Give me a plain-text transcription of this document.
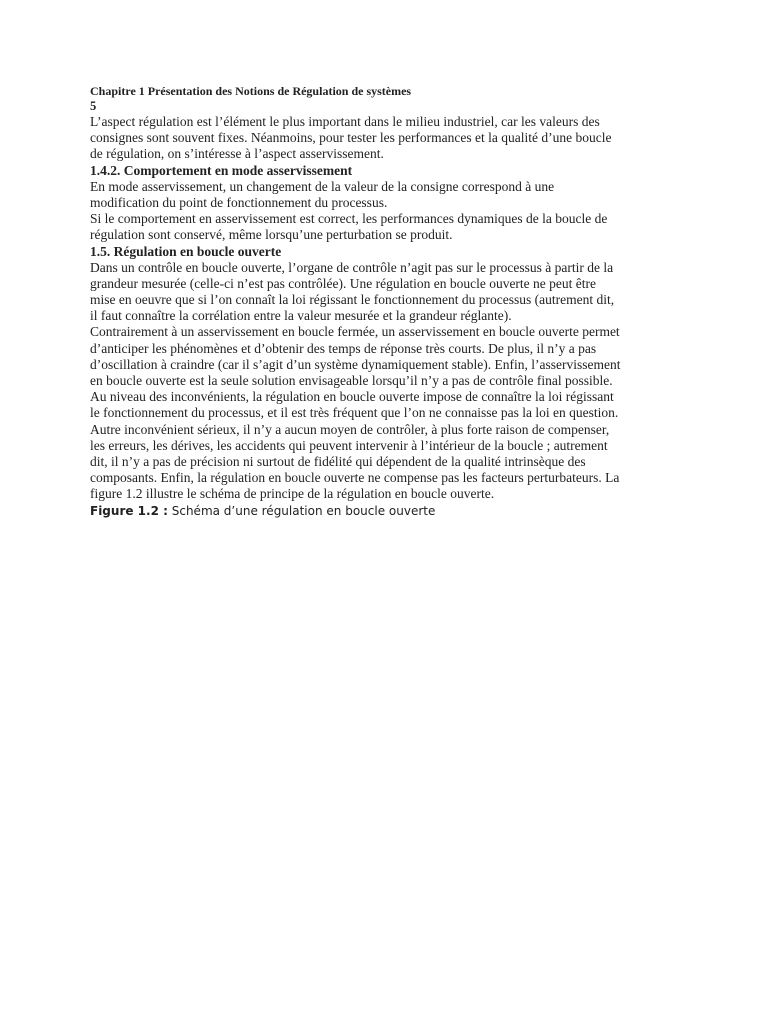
Chapitre 1 Présentation des Notions de Régulation de systèmes
5
L’aspect régulation est l’élément le plus important dans le milieu industriel, car les valeurs des
consignes sont souvent fixes. Néanmoins, pour tester les performances et la qualité d’une boucle
de régulation, on s’intéresse à l’aspect asservissement.
1.4.2. Comportement en mode asservissement
En mode asservissement, un changement de la valeur de la consigne correspond à une
modification du point de fonctionnement du processus.
Si le comportement en asservissement est correct, les performances dynamiques de la boucle de
régulation sont conservé, même lorsqu’une perturbation se produit.
1.5. Régulation en boucle ouverte
Dans un contrôle en boucle ouverte, l’organe de contrôle n’agit pas sur le processus à partir de la
grandeur mesurée (celle-ci n’est pas contrôlée). Une régulation en boucle ouverte ne peut être
mise en oeuvre que si l’on connaît la loi régissant le fonctionnement du processus (autrement dit,
il faut connaître la corrélation entre la valeur mesurée et la grandeur réglante).
Contrairement à un asservissement en boucle fermée, un asservissement en boucle ouverte permet
d’anticiper les phénomènes et d’obtenir des temps de réponse très courts. De plus, il n’y a pas
d’oscillation à craindre (car il s’agit d’un système dynamiquement stable). Enfin, l’asservissement
en boucle ouverte est la seule solution envisageable lorsqu’il n’y a pas de contrôle final possible.
Au niveau des inconvénients, la régulation en boucle ouverte impose de connaître la loi régissant
le fonctionnement du processus, et il est très fréquent que l’on ne connaisse pas la loi en question.
Autre inconvénient sérieux, il n’y a aucun moyen de contrôler, à plus forte raison de compenser,
les erreurs, les dérives, les accidents qui peuvent intervenir à l’intérieur de la boucle ; autrement
dit, il n’y a pas de précision ni surtout de fidélité qui dépendent de la qualité intrinsèque des
composants. Enfin, la régulation en boucle ouverte ne compense pas les facteurs perturbateurs. La
figure 1.2 illustre le schéma de principe de la régulation en boucle ouverte.
Figure 1.2 : Schéma d’une régulation en boucle ouverte
